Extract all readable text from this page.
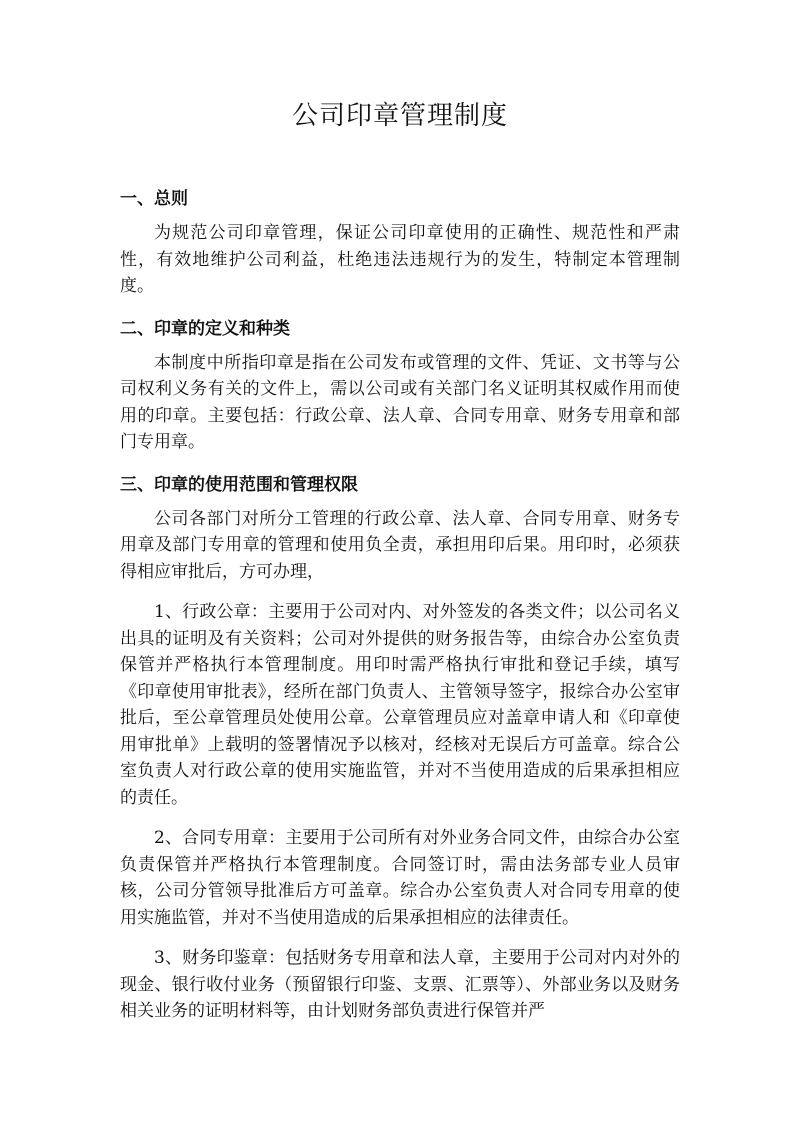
公司印章管理制度
一、总则

为规范公司印章管理，保证公司印章使用的正确性、规范性和严肃性，有效地维护公司利益，杜绝违法违规行为的发生，特制定本管理制度。

二、印章的定义和种类

本制度中所指印章是指在公司发布或管理的文件、凭证、文书等与公司权利义务有关的文件上，需以公司或有关部门名义证明其权威作用而使用的印章。主要包括：行政公章、法人章、合同专用章、财务专用章和部门专用章。

三、印章的使用范围和管理权限

公司各部门对所分工管理的行政公章、法人章、合同专用章、财务专用章及部门专用章的管理和使用负全责，承担用印后果。用印时，必须获得相应审批后，方可办理，

1、行政公章：主要用于公司对内、对外签发的各类文件；以公司名义出具的证明及有关资料；公司对外提供的财务报告等，由综合办公室负责保管并严格执行本管理制度。用印时需严格执行审批和登记手续，填写《印章使用审批表》，经所在部门负责人、主管领导签字，报综合办公室审批后，至公章管理员处使用公章。公章管理员应对盖章申请人和《印章使用审批单》上载明的签署情况予以核对，经核对无误后方可盖章。综合公室负责人对行政公章的使用实施监管，并对不当使用造成的后果承担相应的责任。

2、合同专用章：主要用于公司所有对外业务合同文件，由综合办公室负责保管并严格执行本管理制度。合同签订时，需由法务部专业人员审核，公司分管领导批准后方可盖章。综合办公室负责人对合同专用章的使用实施监管，并对不当使用造成的后果承担相应的法律责任。

3、财务印鉴章：包括财务专用章和法人章，主要用于公司对内对外的现金、银行收付业务（预留银行印鉴、支票、汇票等）、外部业务以及财务相关业务的证明材料等，由计划财务部负责进行保管并严
